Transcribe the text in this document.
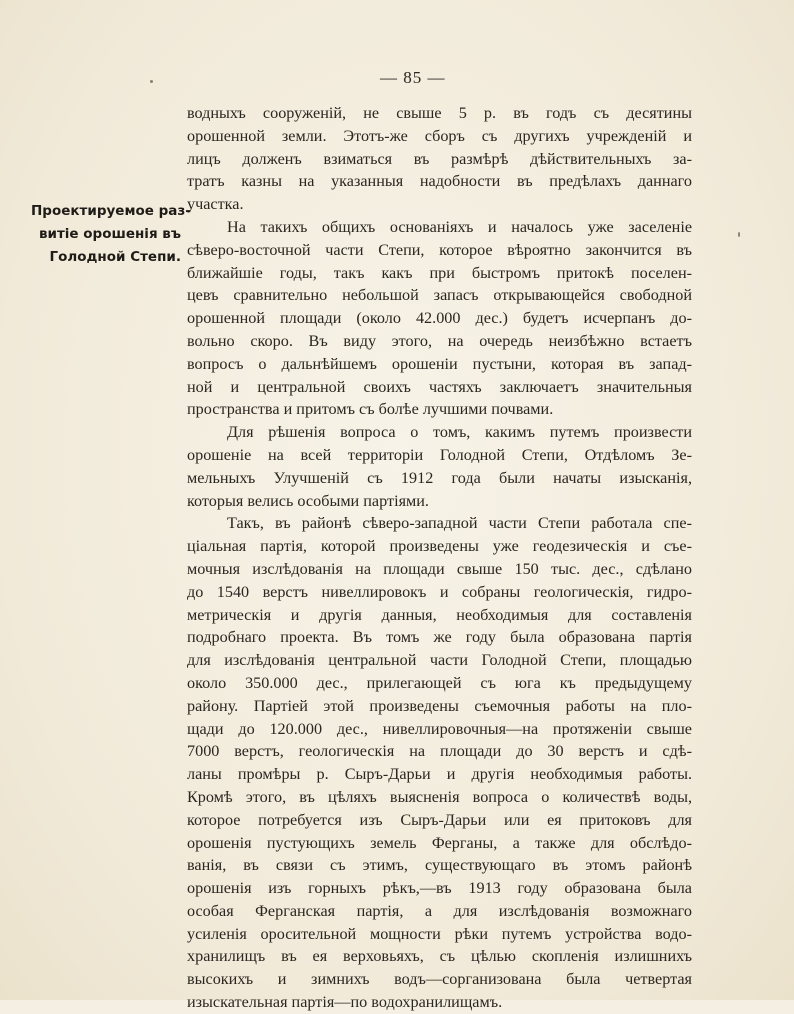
— 85 —
Проектируемое раз-
витіе орошенія въ
Голодной Степи.
водныхъ сооруженій, не свыше 5 р. въ годъ съ десятины
орошенной земли. Этотъ-же сборъ съ другихъ учрежденій и
лицъ долженъ взиматься въ размѣрѣ дѣйствительныхъ за-
тратъ казны на указанныя надобности въ предѣлахъ даннаго
участка.
На такихъ общихъ основаніяхъ и началось уже заселеніе
сѣверо-восточной части Степи, которое вѣроятно закончится въ
ближайшіе годы, такъ какъ при быстромъ притокѣ поселен-
цевъ сравнительно небольшой запасъ открывающейся свободной
орошенной площади (около 42.000 дес.) будетъ исчерпанъ до-
вольно скоро. Въ виду этого, на очередь неизбѣжно встаетъ
вопросъ о дальнѣйшемъ орошеніи пустыни, которая въ запад-
ной и центральной своихъ частяхъ заключаетъ значительныя
пространства и притомъ съ болѣе лучшими почвами.
Для рѣшенія вопроса о томъ, какимъ путемъ произвести
орошеніе на всей территоріи Голодной Степи, Отдѣломъ Зе-
мельныхъ Улучшеній съ 1912 года были начаты изысканія,
которыя велись особыми партіями.
Такъ, въ районѣ сѣверо-западной части Степи работала спе-
ціальная партія, которой произведены уже геодезическія и съе-
мочныя изслѣдованія на площади свыше 150 тыс. дес., сдѣлано
до 1540 верстъ нивеллировокъ и собраны геологическія, гидро-
метрическія и другія данныя, необходимыя для составленія
подробнаго проекта. Въ томъ же году была образована партія
для изслѣдованія центральной части Голодной Степи, площадью
около 350.000 дес., прилегающей съ юга къ предыдущему
району. Партіей этой произведены съемочныя работы на пло-
щади до 120.000 дес., нивеллировочныя—на протяженіи свыше
7000 верстъ, геологическія на площади до 30 верстъ и сдѣ-
ланы промѣры р. Сыръ-Дарьи и другія необходимыя работы.
Кромѣ этого, въ цѣляхъ выясненія вопроса о количествѣ воды,
которое потребуется изъ Сыръ-Дарьи или ея притоковъ для
орошенія пустующихъ земель Ферганы, а также для обслѣдо-
ванія, въ связи съ этимъ, существующаго въ этомъ районѣ
орошенія изъ горныхъ рѣкъ,—въ 1913 году образована была
особая Ферганская партія, а для изслѣдованія возможнаго
усиленія оросительной мощности рѣки путемъ устройства водо-
хранилищъ въ ея верховьяхъ, съ цѣлью скопленія излишнихъ
высокихъ и зимнихъ водъ—сорганизована была четвертая
изыскательная партія—по водохранилищамъ.
